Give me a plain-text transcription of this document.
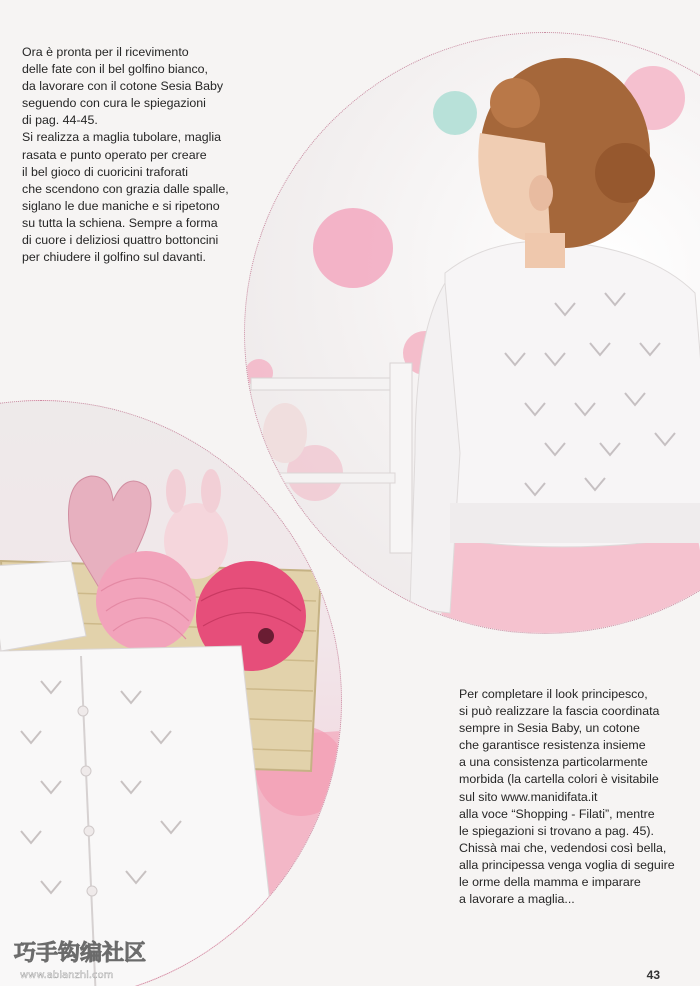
Ora è pronta per il ricevimento
delle fate con il bel golfino bianco,
da lavorare con il cotone Sesia Baby
seguendo con cura le spiegazioni
di pag. 44-45.
Si realizza a maglia tubolare, maglia
rasata e punto operato per creare
il bel gioco di cuoricini traforati
che scendono con grazia dalle spalle,
siglano le due maniche e si ripetono
su tutta la schiena. Sempre a forma
di cuore i deliziosi quattro bottoncini
per chiudere il golfino sul davanti.

Per completare il look principesco,
si può realizzare la fascia coordinata
sempre in Sesia Baby, un cotone
che garantisce resistenza insieme
a una consistenza particolarmente
morbida (la cartella colori è visitabile
sul sito www.manidifata.it
alla voce “Shopping - Filati”, mentre
le spiegazioni si trovano a pag. 45).
Chissà mai che, vedendosi così bella,
alla principessa venga voglia di seguire
le orme della mamma e imparare
a lavorare a maglia...

巧手钩编社区
www.abianzhi.com	43
